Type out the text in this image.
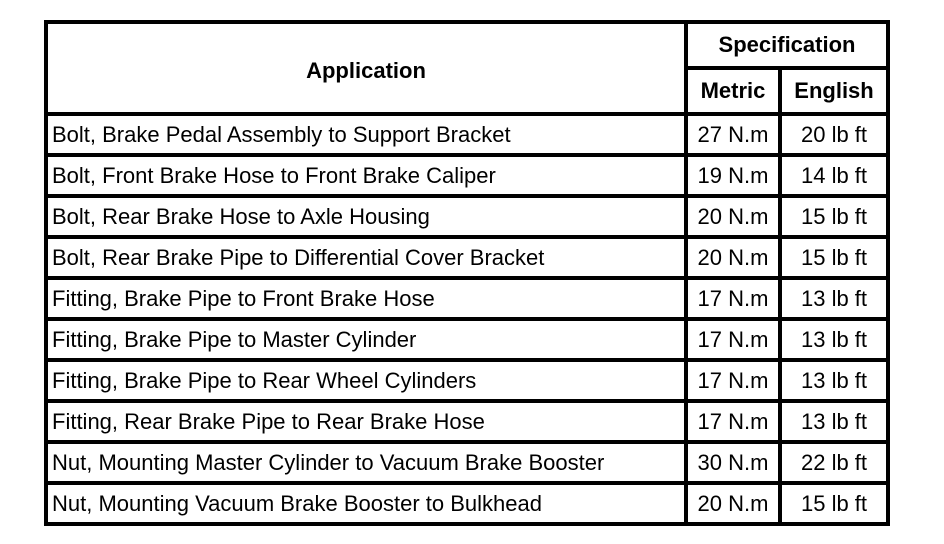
Application	Specification	
	Metric	English
Bolt, Brake Pedal Assembly to Support Bracket	27 N.m	20 lb ft
Bolt, Front Brake Hose to Front Brake Caliper	19 N.m	14 lb ft
Bolt, Rear Brake Hose to Axle Housing	20 N.m	15 lb ft
Bolt, Rear Brake Pipe to Differential Cover Bracket	20 N.m	15 lb ft
Fitting, Brake Pipe to Front Brake Hose	17 N.m	13 lb ft
Fitting, Brake Pipe to Master Cylinder	17 N.m	13 lb ft
Fitting, Brake Pipe to Rear Wheel Cylinders	17 N.m	13 lb ft
Fitting, Rear Brake Pipe to Rear Brake Hose	17 N.m	13 lb ft
Nut, Mounting Master Cylinder to Vacuum Brake Booster	30 N.m	22 lb ft
Nut, Mounting Vacuum Brake Booster to Bulkhead	20 N.m	15 lb ft
